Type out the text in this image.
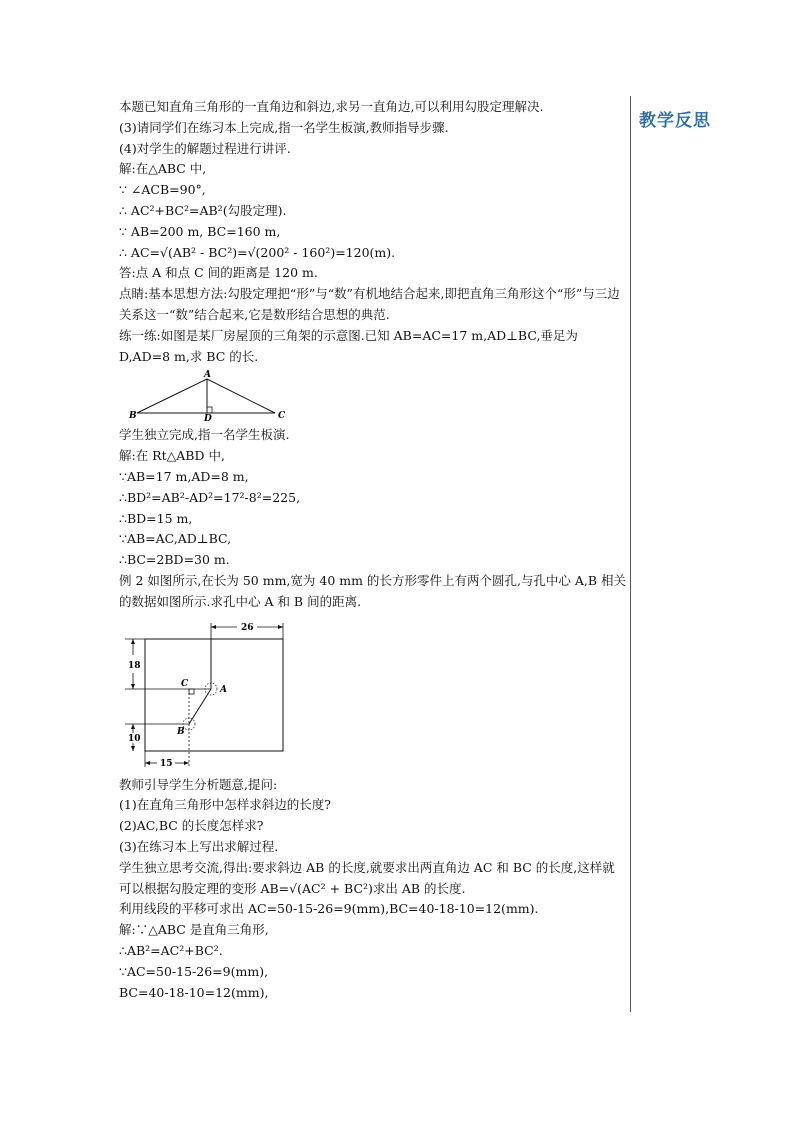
教学反思
本题已知直角三角形的一直角边和斜边,求另一直角边,可以利用勾股定理解决.
(3)请同学们在练习本上完成,指一名学生板演,教师指导步骤.
(4)对学生的解题过程进行讲评.
解:在△ABC 中,
∵ ∠ACB=90°,
∴ AC²+BC²=AB²(勾股定理).
∵ AB=200 m, BC=160 m,
∴ AC=√(AB² - BC²)=√(200² - 160²)=120(m).
答:点 A 和点 C 间的距离是 120 m.
点睛:基本思想方法:勾股定理把“形”与“数”有机地结合起来,即把直角三角形这个“形”与三边关系这一“数”结合起来,它是数形结合思想的典范.
练一练:如图是某厂房屋顶的三角架的示意图.已知 AB=AC=17 m,AD⊥BC,垂足为 D,AD=8 m,求 BC 的长.
A
B	C
D
学生独立完成,指一名学生板演.
解:在 Rt△ABD 中,
∵AB=17 m,AD=8 m,
∴BD²=AB²-AD²=17²-8²=225,
∴BD=15 m,
∵AB=AC,AD⊥BC,
∴BC=2BD=30 m.
例 2 如图所示,在长为 50 mm,宽为 40 mm 的长方形零件上有两个圆孔,与孔中心 A,B 相关的数据如图所示.求孔中心 A 和 B 间的距离.
26
18
10
15
C
A
B
教师引导学生分析题意,提问:
(1)在直角三角形中怎样求斜边的长度?
(2)AC,BC 的长度怎样求?
(3)在练习本上写出求解过程.
学生独立思考交流,得出:要求斜边 AB 的长度,就要求出两直角边 AC 和 BC 的长度,这样就可以根据勾股定理的变形 AB=√(AC² + BC²)求出 AB 的长度.
利用线段的平移可求出 AC=50-15-26=9(mm),BC=40-18-10=12(mm).
解:∵△ABC 是直角三角形,
∴AB²=AC²+BC².
∵AC=50-15-26=9(mm),
BC=40-18-10=12(mm),
